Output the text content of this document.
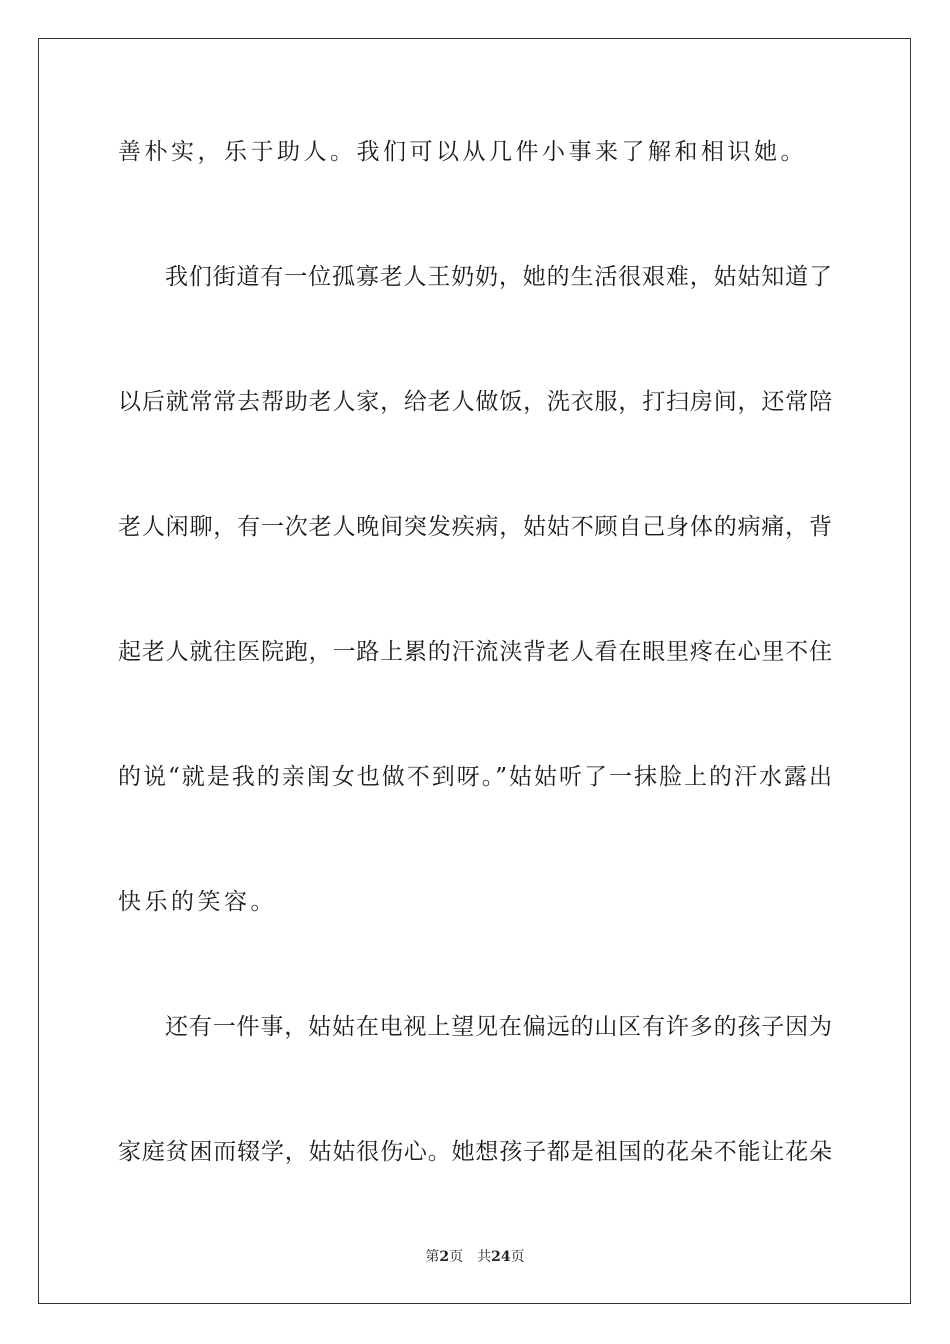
善朴实，乐于助人。我们可以从几件小事来了解和相识她。
我们街道有一位孤寡老人王奶奶，她的生活很艰难，姑姑知道了
以后就常常去帮助老人家，给老人做饭，洗衣服，打扫房间，还常陪
老人闲聊，有一次老人晚间突发疾病，姑姑不顾自己身体的病痛，背
起老人就往医院跑，一路上累的汗流浃背老人看在眼里疼在心里不住
的说“就是我的亲闺女也做不到呀。”姑姑听了一抹脸上的汗水露出
快乐的笑容。
还有一件事，姑姑在电视上望见在偏远的山区有许多的孩子因为
家庭贫困而辍学，姑姑很伤心。她想孩子都是祖国的花朵不能让花朵
第2页 共24页
